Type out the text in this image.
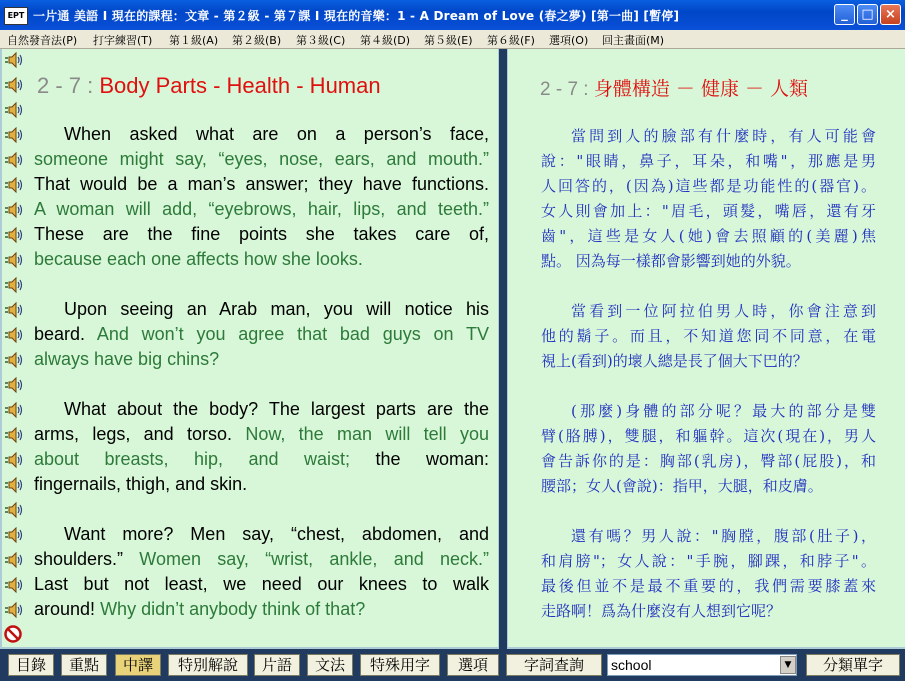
EPT 一片通 美語 I 現在的課程：文章 - 第２級 - 第７課 I 現在的音樂：1 - A Dream of Love (春之夢) [第一曲] [暫停]	_	□ ×
自然發音法(P) 打字練習(T) 第１級(A) 第２級(B) 第３級(C) 第４級(D) 第５級(E) 第６級(F) 選項(O) 回主畫面(M)
2 - 7 : Body Parts - Health - Human
When asked what are on a person’s face,
someone might say, “eyes, nose, ears, and mouth.”
That would be a man’s answer; they have functions.
A woman will add, “eyebrows, hair, lips, and teeth.”
These are the fine points she takes care of,
because each one affects how she looks.
Upon seeing an Arab man, you will notice his
beard. And won’t you agree that bad guys on TV
always have big chins?
What about the body? The largest parts are the
arms, legs, and torso. Now, the man will tell you
about breasts, hip, and waist; the woman:
fingernails, thigh, and skin.
Want more? Men say, “chest, abdomen, and
shoulders.” Women say, “wrist, ankle, and neck.”
Last but not least, we need our knees to walk
around! Why didn’t anybody think of that?
2 - 7 : 身體構造 － 健康 － 人類
當問到人的臉部有什麼時，有人可能會
說："眼睛，鼻子，耳朵，和嘴"，那應是男
人回答的，(因為)這些都是功能性的(器官)。
女人則會加上："眉毛，頭髮，嘴唇，還有牙
齒"，這些是女人(她)會去照顧的(美麗)焦
點。 因為每一樣都會影響到她的外貌。
當看到一位阿拉伯男人時，你會注意到
他的鬍子。而且，不知道您同不同意，在電
視上(看到)的壞人總是長了個大下巴的？
(那麼)身體的部分呢？最大的部分是雙
臂(胳膊)，雙腿，和軀幹。這次(現在)，男人
會告訴你的是：胸部(乳房)，臀部(屁股)，和
腰部；女人(會說)：指甲，大腿，和皮膚。
還有嗎？男人說："胸膛，腹部(肚子)，
和肩膀"；女人說："手腕，腳踝，和脖子"。
最後但並不是最不重要的，我們需要膝蓋來
走路啊！爲為什麼沒有人想到它呢？
目錄	重點	中譯	特別解說	片語	文法	特殊用字	選項	字詞查詢
school	▼	分類單字
